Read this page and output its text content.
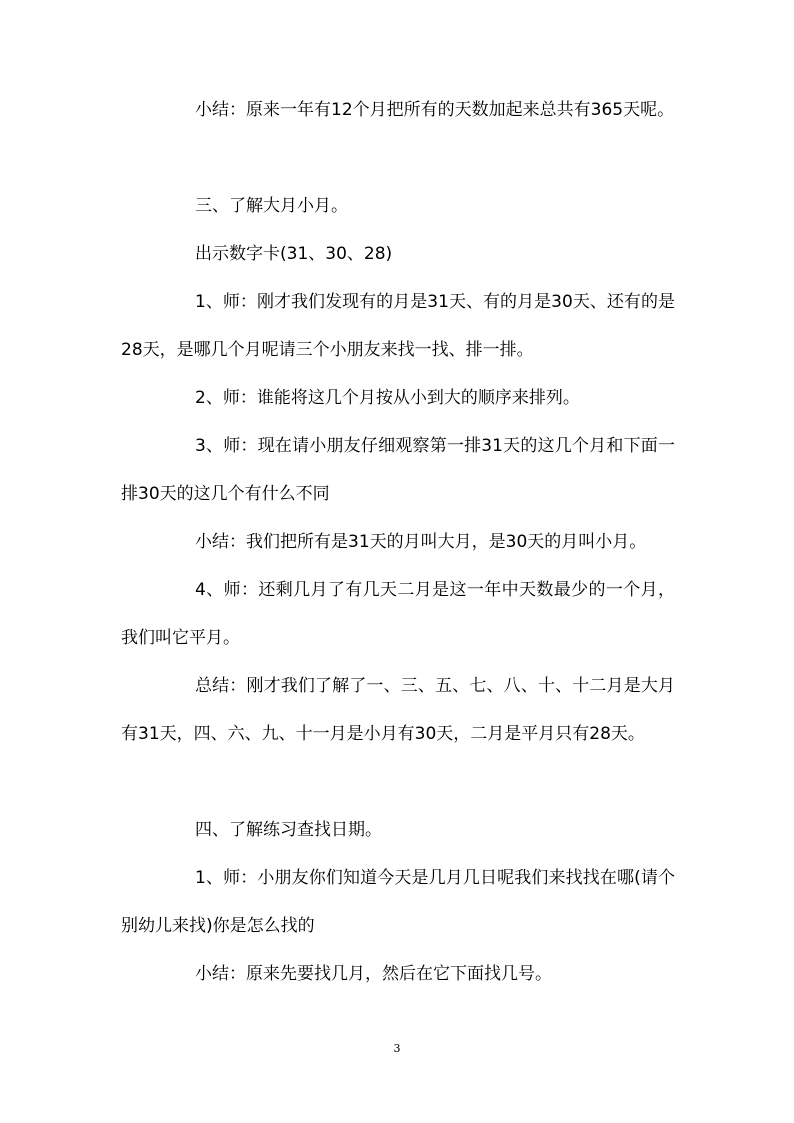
小结：原来一年有12个月把所有的天数加起来总共有365天呢。

三、了解大月小月。

出示数字卡(31、30、28)

1、师：刚才我们发现有的月是31天、有的月是30天、还有的是28天，是哪几个月呢请三个小朋友来找一找、排一排。

2、师：谁能将这几个月按从小到大的顺序来排列。

3、师：现在请小朋友仔细观察第一排31天的这几个月和下面一排30天的这几个有什么不同

小结：我们把所有是31天的月叫大月，是30天的月叫小月。

4、师：还剩几月了有几天二月是这一年中天数最少的一个月，我们叫它平月。

总结：刚才我们了解了一、三、五、七、八、十、十二月是大月有31天，四、六、九、十一月是小月有30天，二月是平月只有28天。

四、了解练习查找日期。

1、师：小朋友你们知道今天是几月几日呢我们来找找在哪(请个别幼儿来找)你是怎么找的

小结：原来先要找几月，然后在它下面找几号。

3
